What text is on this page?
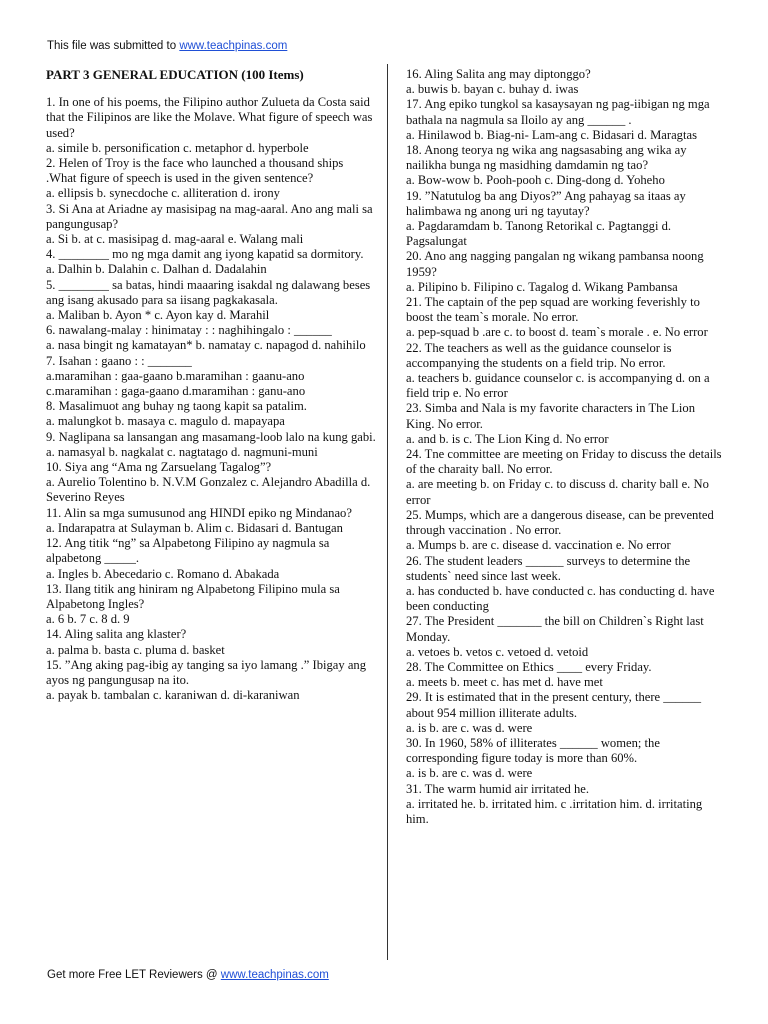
This file was submitted to www.teachpinas.com
PART 3 GENERAL EDUCATION (100 Items)

1. In one of his poems, the Filipino author Zulueta da Costa said that the Filipinos are like the Molave. What figure of speech was used?

a. simile b. personification c. metaphor d. hyperbole

2. Helen of Troy is the face who launched a thousand ships .What figure of speech is used in the given sentence?

a. ellipsis b. synecdoche c. alliteration d. irony

3. Si Ana at Ariadne ay masisipag na mag-aaral. Ano ang mali sa pangungusap?

a. Si b. at c. masisipag d. mag-aaral e. Walang mali

4. ________ mo ng mga damit ang iyong kapatid sa dormitory.

a. Dalhin b. Dalahin c. Dalhan d. Dadalahin

5. ________ sa batas, hindi maaaring isakdal ng dalawang beses ang isang akusado para sa iisang pagkakasala.

a. Maliban b. Ayon * c. Ayon kay d. Marahil

6. nawalang-malay : hinimatay : : naghihingalo : ______

a. nasa bingit ng kamatayan* b. namatay c. napagod d. nahihilo

7. Isahan : gaano : : _______

a.maramihan : gaa-gaano b.maramihan : gaanu-ano

c.maramihan : gaga-gaano d.maramihan : ganu-ano

8. Masalimuot ang buhay ng taong kapit sa patalim.

a. malungkot b. masaya c. magulo d. mapayapa

9. Naglipana sa lansangan ang masamang-loob lalo na kung gabi.

a. namasyal b. nagkalat c. nagtatago d. nagmuni-muni

10. Siya ang “Ama ng Zarsuelang Tagalog”?

a. Aurelio Tolentino b. N.V.M Gonzalez c. Alejandro Abadilla d. Severino Reyes

11. Alin sa mga sumusunod ang HINDI epiko ng Mindanao?

a. Indarapatra at Sulayman b. Alim c. Bidasari d. Bantugan

12. Ang titik “ng” sa Alpabetong Filipino ay nagmula sa alpabetong _____.

a. Ingles b. Abecedario c. Romano d. Abakada

13. Ilang titik ang hiniram ng Alpabetong Filipino mula sa Alpabetong Ingles?

a. 6 b. 7 c. 8 d. 9

14. Aling salita ang klaster?

a. palma b. basta c. pluma d. basket

15. ”Ang aking pag-ibig ay tanging sa iyo lamang .” Ibigay ang ayos ng pangungusap na ito.

a. payak b. tambalan c. karaniwan d. di-karaniwan

16. Aling Salita ang may diptonggo?

a. buwis b. bayan c. buhay d. iwas

17. Ang epiko tungkol sa kasaysayan ng pag-iibigan ng mga bathala na nagmula sa Iloilo ay ang ______ .

a. Hinilawod b. Biag-ni- Lam-ang c. Bidasari d. Maragtas

18. Anong teorya ng wika ang nagsasabing ang wika ay nailikha bunga ng masidhing damdamin ng tao?

a. Bow-wow b. Pooh-pooh c. Ding-dong d. Yoheho

19. ”Natutulog ba ang Diyos?” Ang pahayag sa itaas ay halimbawa ng anong uri ng tayutay?

a. Pagdaramdam b. Tanong Retorikal c. Pagtanggi d. Pagsalungat

20. Ano ang nagging pangalan ng wikang pambansa noong 1959?

a. Pilipino b. Filipino c. Tagalog d. Wikang Pambansa

21. The captain of the pep squad are working feverishly to boost the team`s morale. No error.

a. pep-squad b .are c. to boost d. team`s morale . e. No error

22. The teachers as well as the guidance counselor is accompanying the students on a field trip. No error.

a. teachers b. guidance counselor c. is accompanying d. on a field trip e. No error

23. Simba and Nala is my favorite characters in The Lion King. No error.

a. and b. is c. The Lion King d. No error

24. Tne committee are meeting on Friday to discuss the details of the charaity ball. No error.

a. are meeting b. on Friday c. to discuss d. charity ball e. No error

25. Mumps, which are a dangerous disease, can be prevented through vaccination . No error.

a. Mumps b. are c. disease d. vaccination e. No error

26. The student leaders ______ surveys to determine the students` need since last week.

a. has conducted b. have conducted c. has conducting d. have been conducting

27. The President _______ the bill on Children`s Right last Monday.

a. vetoes b. vetos c. vetoed d. vetoid

28. The Committee on Ethics ____ every Friday.

a. meets b. meet c. has met d. have met

29. It is estimated that in the present century, there ______ about 954 million illiterate adults.

a. is b. are c. was d. were

30. In 1960, 58% of illiterates ______ women; the corresponding figure today is more than 60%.

a. is b. are c. was d. were

31. The warm humid air irritated he.

a. irritated he. b. irritated him. c .irritation him. d. irritating him.

Get more Free LET Reviewers @ www.teachpinas.com
